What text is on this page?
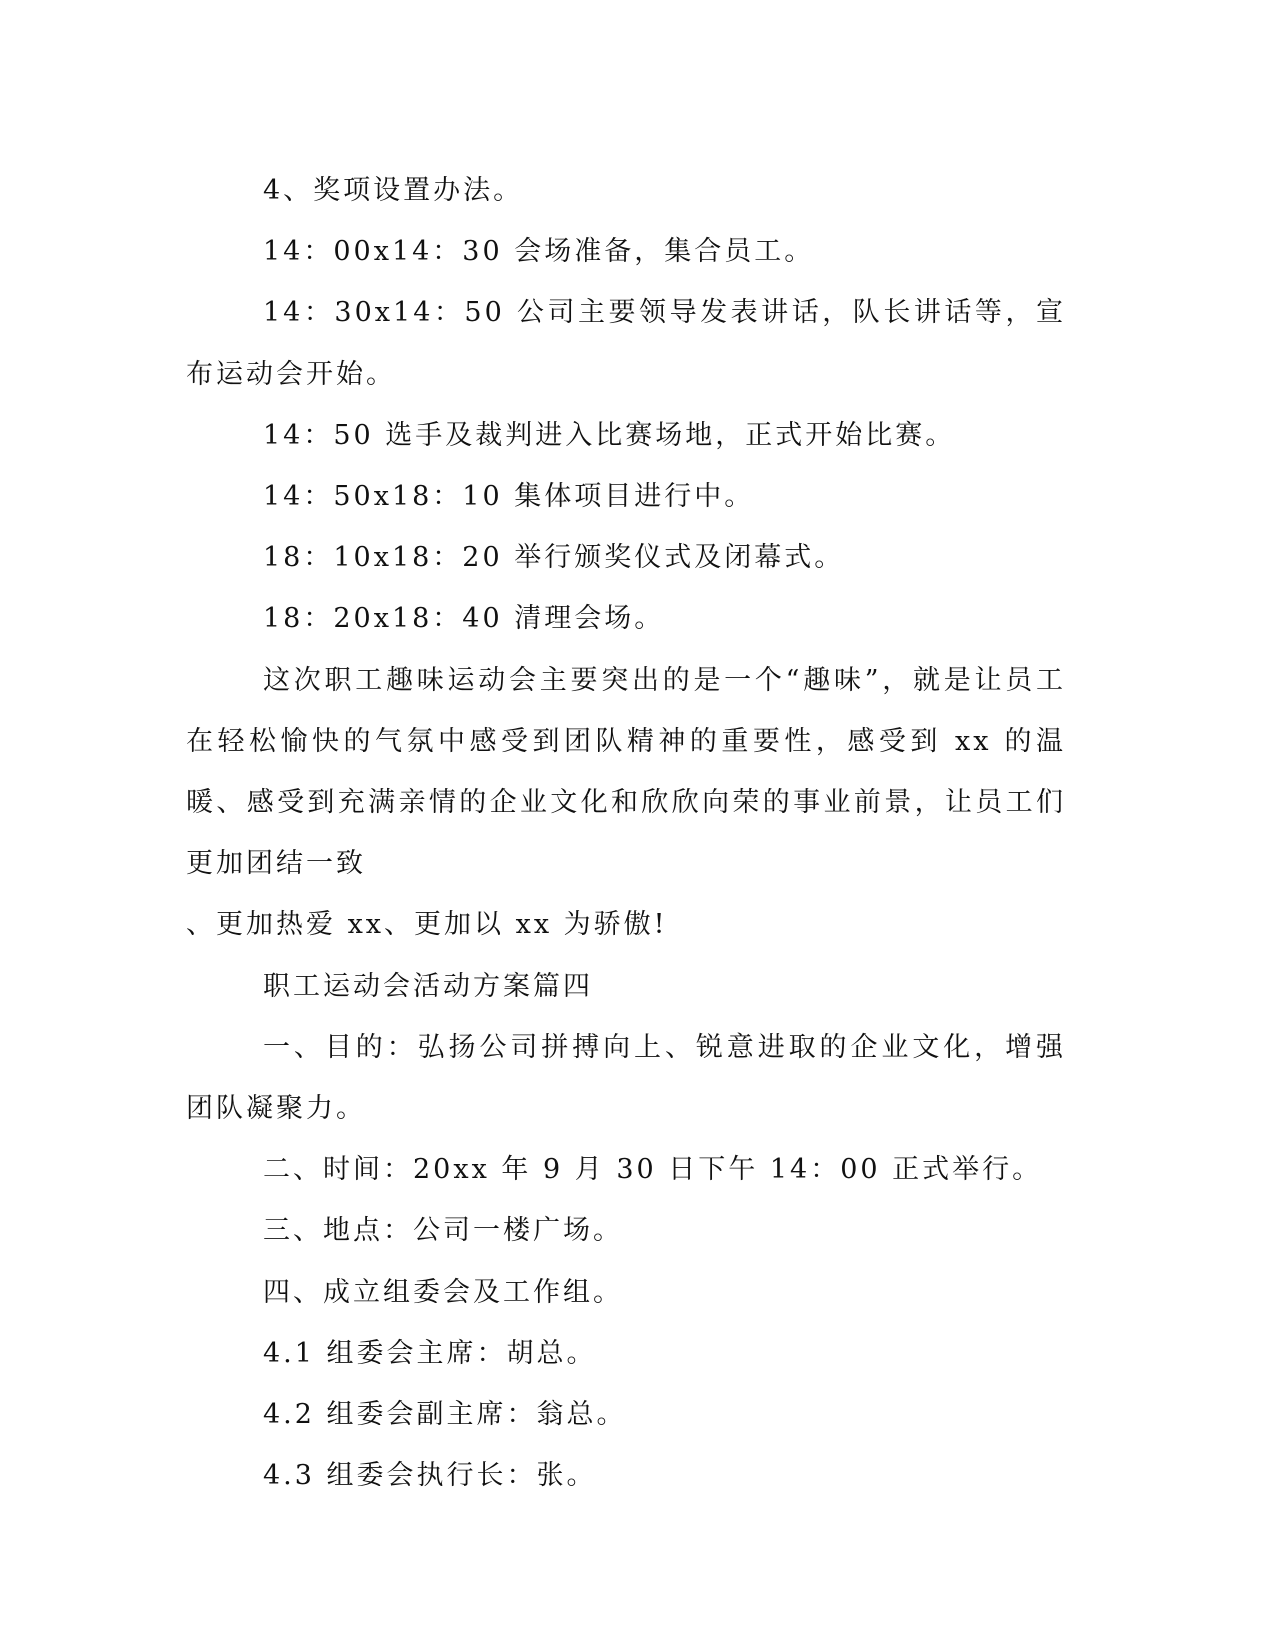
4、奖项设置办法。

14：00x14：30 会场准备，集合员工。

14：30x14：50 公司主要领导发表讲话，队长讲话等，宣布运动会开始。

14：50 选手及裁判进入比赛场地，正式开始比赛。

14：50x18：10 集体项目进行中。

18：10x18：20 举行颁奖仪式及闭幕式。

18：20x18：40 清理会场。

这次职工趣味运动会主要突出的是一个“趣味”，就是让员工在轻松愉快的气氛中感受到团队精神的重要性，感受到 xx 的温暖、感受到充满亲情的企业文化和欣欣向荣的事业前景，让员工们更加团结一致

、更加热爱 xx、更加以 xx 为骄傲!

职工运动会活动方案篇四

一、目的：弘扬公司拼搏向上、锐意进取的企业文化，增强团队凝聚力。

二、时间：20xx 年 9 月 30 日下午 14：00 正式举行。

三、地点：公司一楼广场。

四、成立组委会及工作组。

4.1 组委会主席：胡总。

4.2 组委会副主席：翁总。

4.3 组委会执行长：张。
